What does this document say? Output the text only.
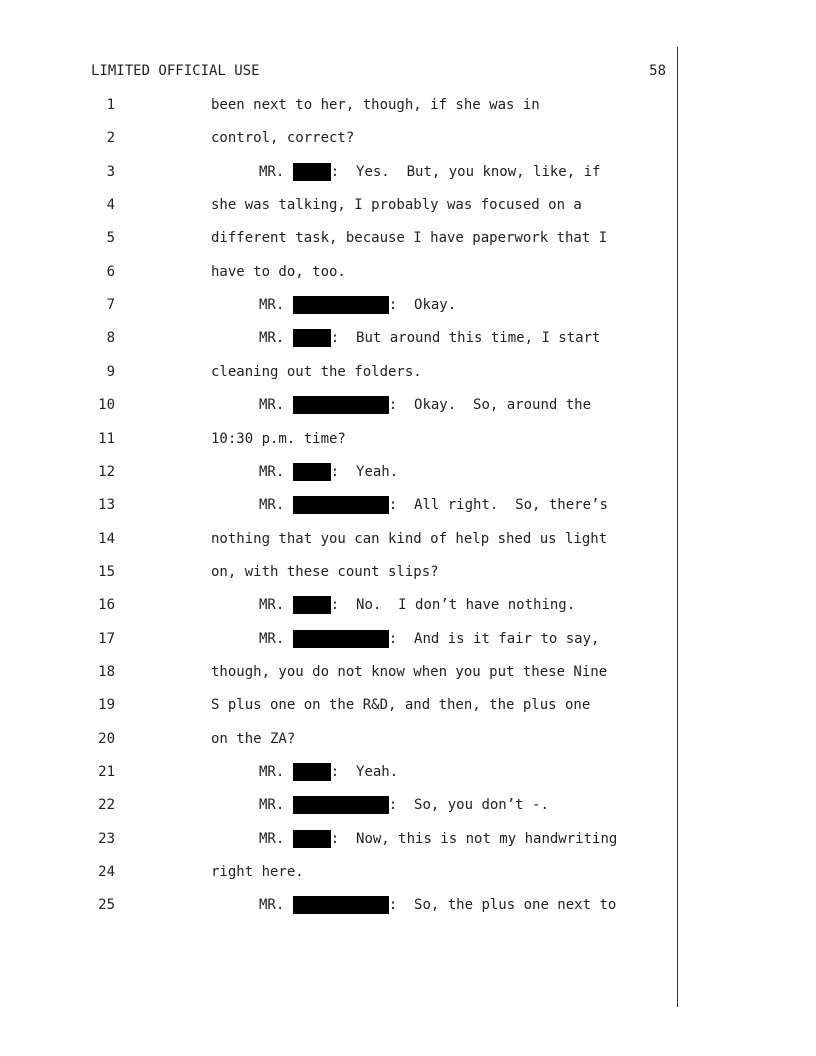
LIMITED OFFICIAL USE	58
1	been next to her, though, if she was in
2	control, correct?
3	MR.	:  Yes.  But, you know, like, if
4	she was talking, I probably was focused on a
5	different task, because I have paperwork that I
6	have to do, too.
7	MR.	:  Okay.
8	MR.	:  But around this time, I start
9	cleaning out the folders.
10	MR.	:  Okay.  So, around the
11	10:30 p.m. time?
12	MR.	:  Yeah.
13	MR.	:  All right.  So, there’s
14	nothing that you can kind of help shed us light
15	on, with these count slips?
16	MR.	:  No.  I don’t have nothing.
17	MR.	:  And is it fair to say,
18	though, you do not know when you put these Nine
19	S plus one on the R&D, and then, the plus one
20	on the ZA?
21	MR.	:  Yeah.
22	MR.	:  So, you don’t -.
23	MR.	:  Now, this is not my handwriting
24	right here.
25	MR.	:  So, the plus one next to
